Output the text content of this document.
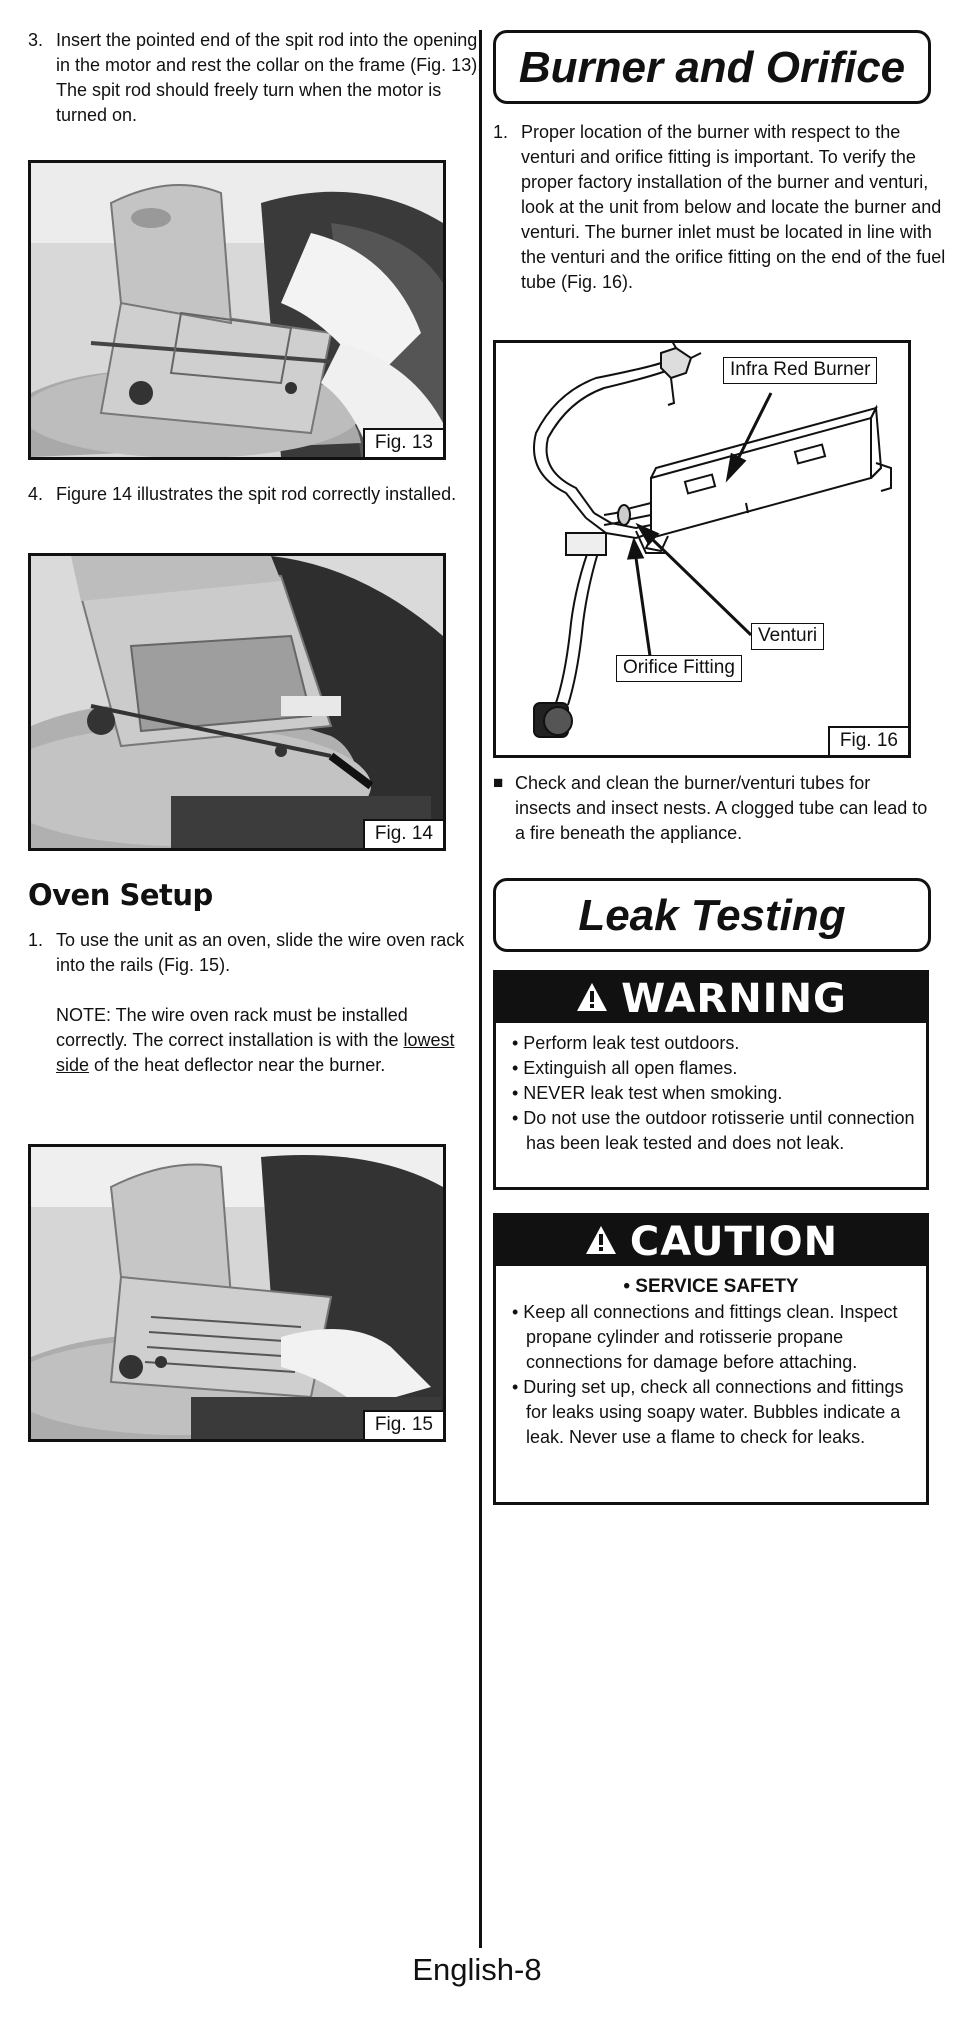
3. Insert the pointed end of the spit rod into the opening in the motor and rest the collar on the frame (Fig. 13). The spit rod should freely turn when the motor is turned on.

Fig. 13

4. Figure 14 illustrates the spit rod correctly installed.

Fig. 14
Oven Setup

1. To use the unit as an oven, slide the wire oven rack into the rails (Fig. 15).

NOTE: The wire oven rack must be installed correctly. The correct installation is with the lowest side of the heat deflector near the burner.

Fig. 15
Burner and Orifice

1. Proper location of the burner with respect to the venturi and orifice fitting is important. To verify the proper factory installation of the burner and venturi, look at the unit from below and locate the burner and venturi. The burner inlet must be located in line with the venturi and the orifice fitting on the end of the fuel tube (Fig. 16).

Infra Red Burner
Venturi
Orifice Fitting
Fig. 16

■ Check and clean the burner/venturi tubes for insects and insect nests. A clogged tube can lead to a fire beneath the appliance.

Leak Testing
WARNING

• Perform leak test outdoors.

• Extinguish all open flames.

• NEVER leak test when smoking.

• Do not use the outdoor rotisserie until connection has been leak tested and does not leak.

CAUTION
• SERVICE SAFETY

• Keep all connections and fittings clean. Inspect propane cylinder and rotisserie propane connections for damage before attaching.

• During set up, check all connections and fittings for leaks using soapy water. Bubbles indicate a leak. Never use a flame to check for leaks.

English-8
